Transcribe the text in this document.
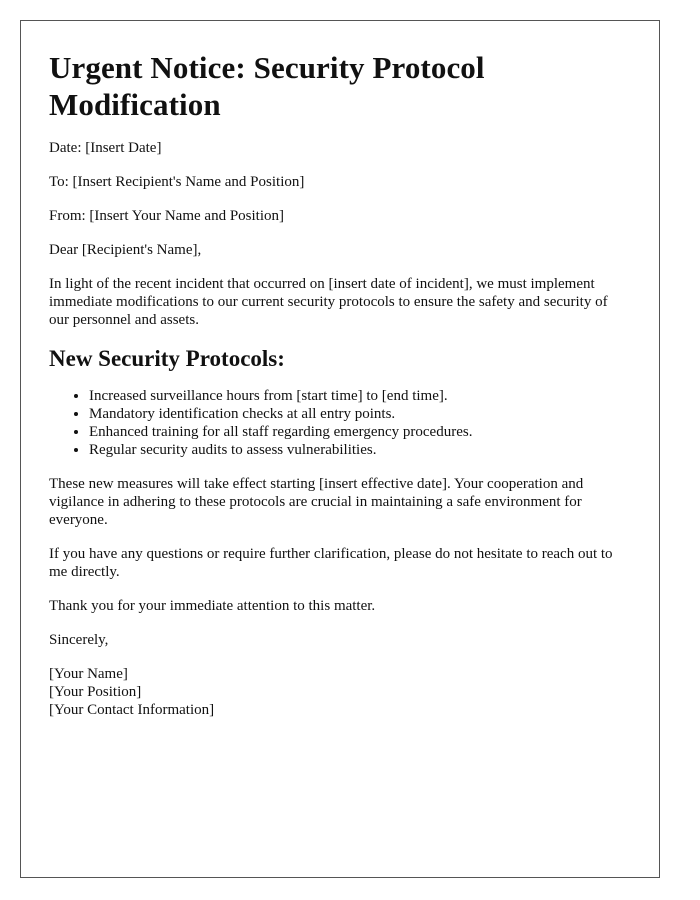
Urgent Notice: Security Protocol Modification

Date: [Insert Date]

To: [Insert Recipient's Name and Position]

From: [Insert Your Name and Position]

Dear [Recipient's Name],

In light of the recent incident that occurred on [insert date of incident], we must implement immediate modifications to our current security protocols to ensure the safety and security of our personnel and assets.

New Security Protocols:
• Increased surveillance hours from [start time] to [end time].
• Mandatory identification checks at all entry points.
• Enhanced training for all staff regarding emergency procedures.
• Regular security audits to assess vulnerabilities.

These new measures will take effect starting [insert effective date]. Your cooperation and vigilance in adhering to these protocols are crucial in maintaining a safe environment for everyone.

If you have any questions or require further clarification, please do not hesitate to reach out to me directly.

Thank you for your immediate attention to this matter.

Sincerely,

[Your Name]

[Your Position]

[Your Contact Information]
